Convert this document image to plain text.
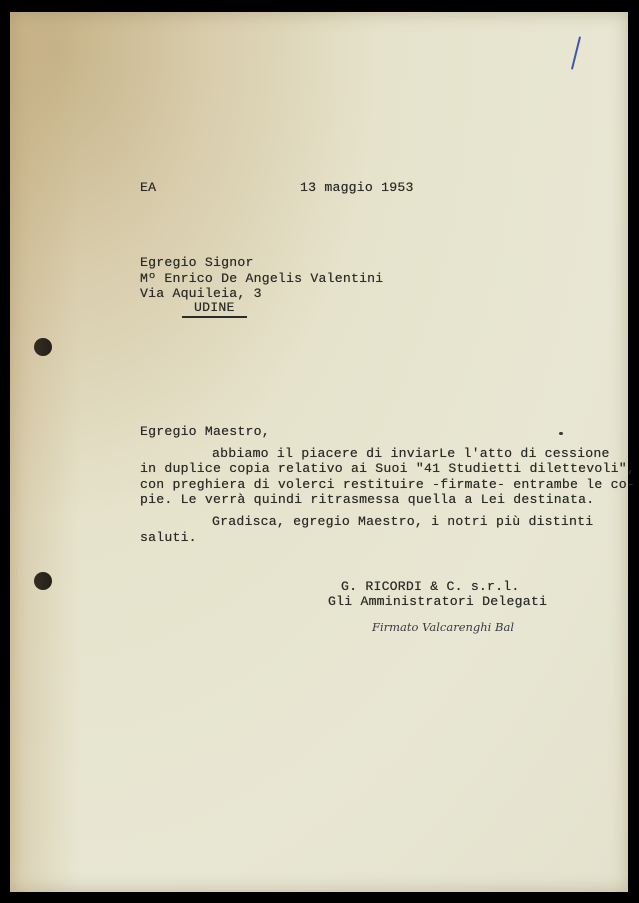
EA	13 maggio 1953
Egregio Signor
Mº Enrico De Angelis Valentini
Via Aquileia, 3
UDINE
Egregio Maestro,
abbiamo il piacere di inviarLe l'atto di cessione
in duplice copia relativo ai Suoi "41 Studietti dilettevoli",
con preghiera di volerci restituire -firmate- entrambe le co-
pie. Le verrà quindi ritrasmessa quella a Lei destinata.
Gradisca, egregio Maestro, i notri più distinti
saluti.
G. RICORDI & C. s.r.l.
Gli Amministratori Delegati
Firmato Valcarenghi Bal
